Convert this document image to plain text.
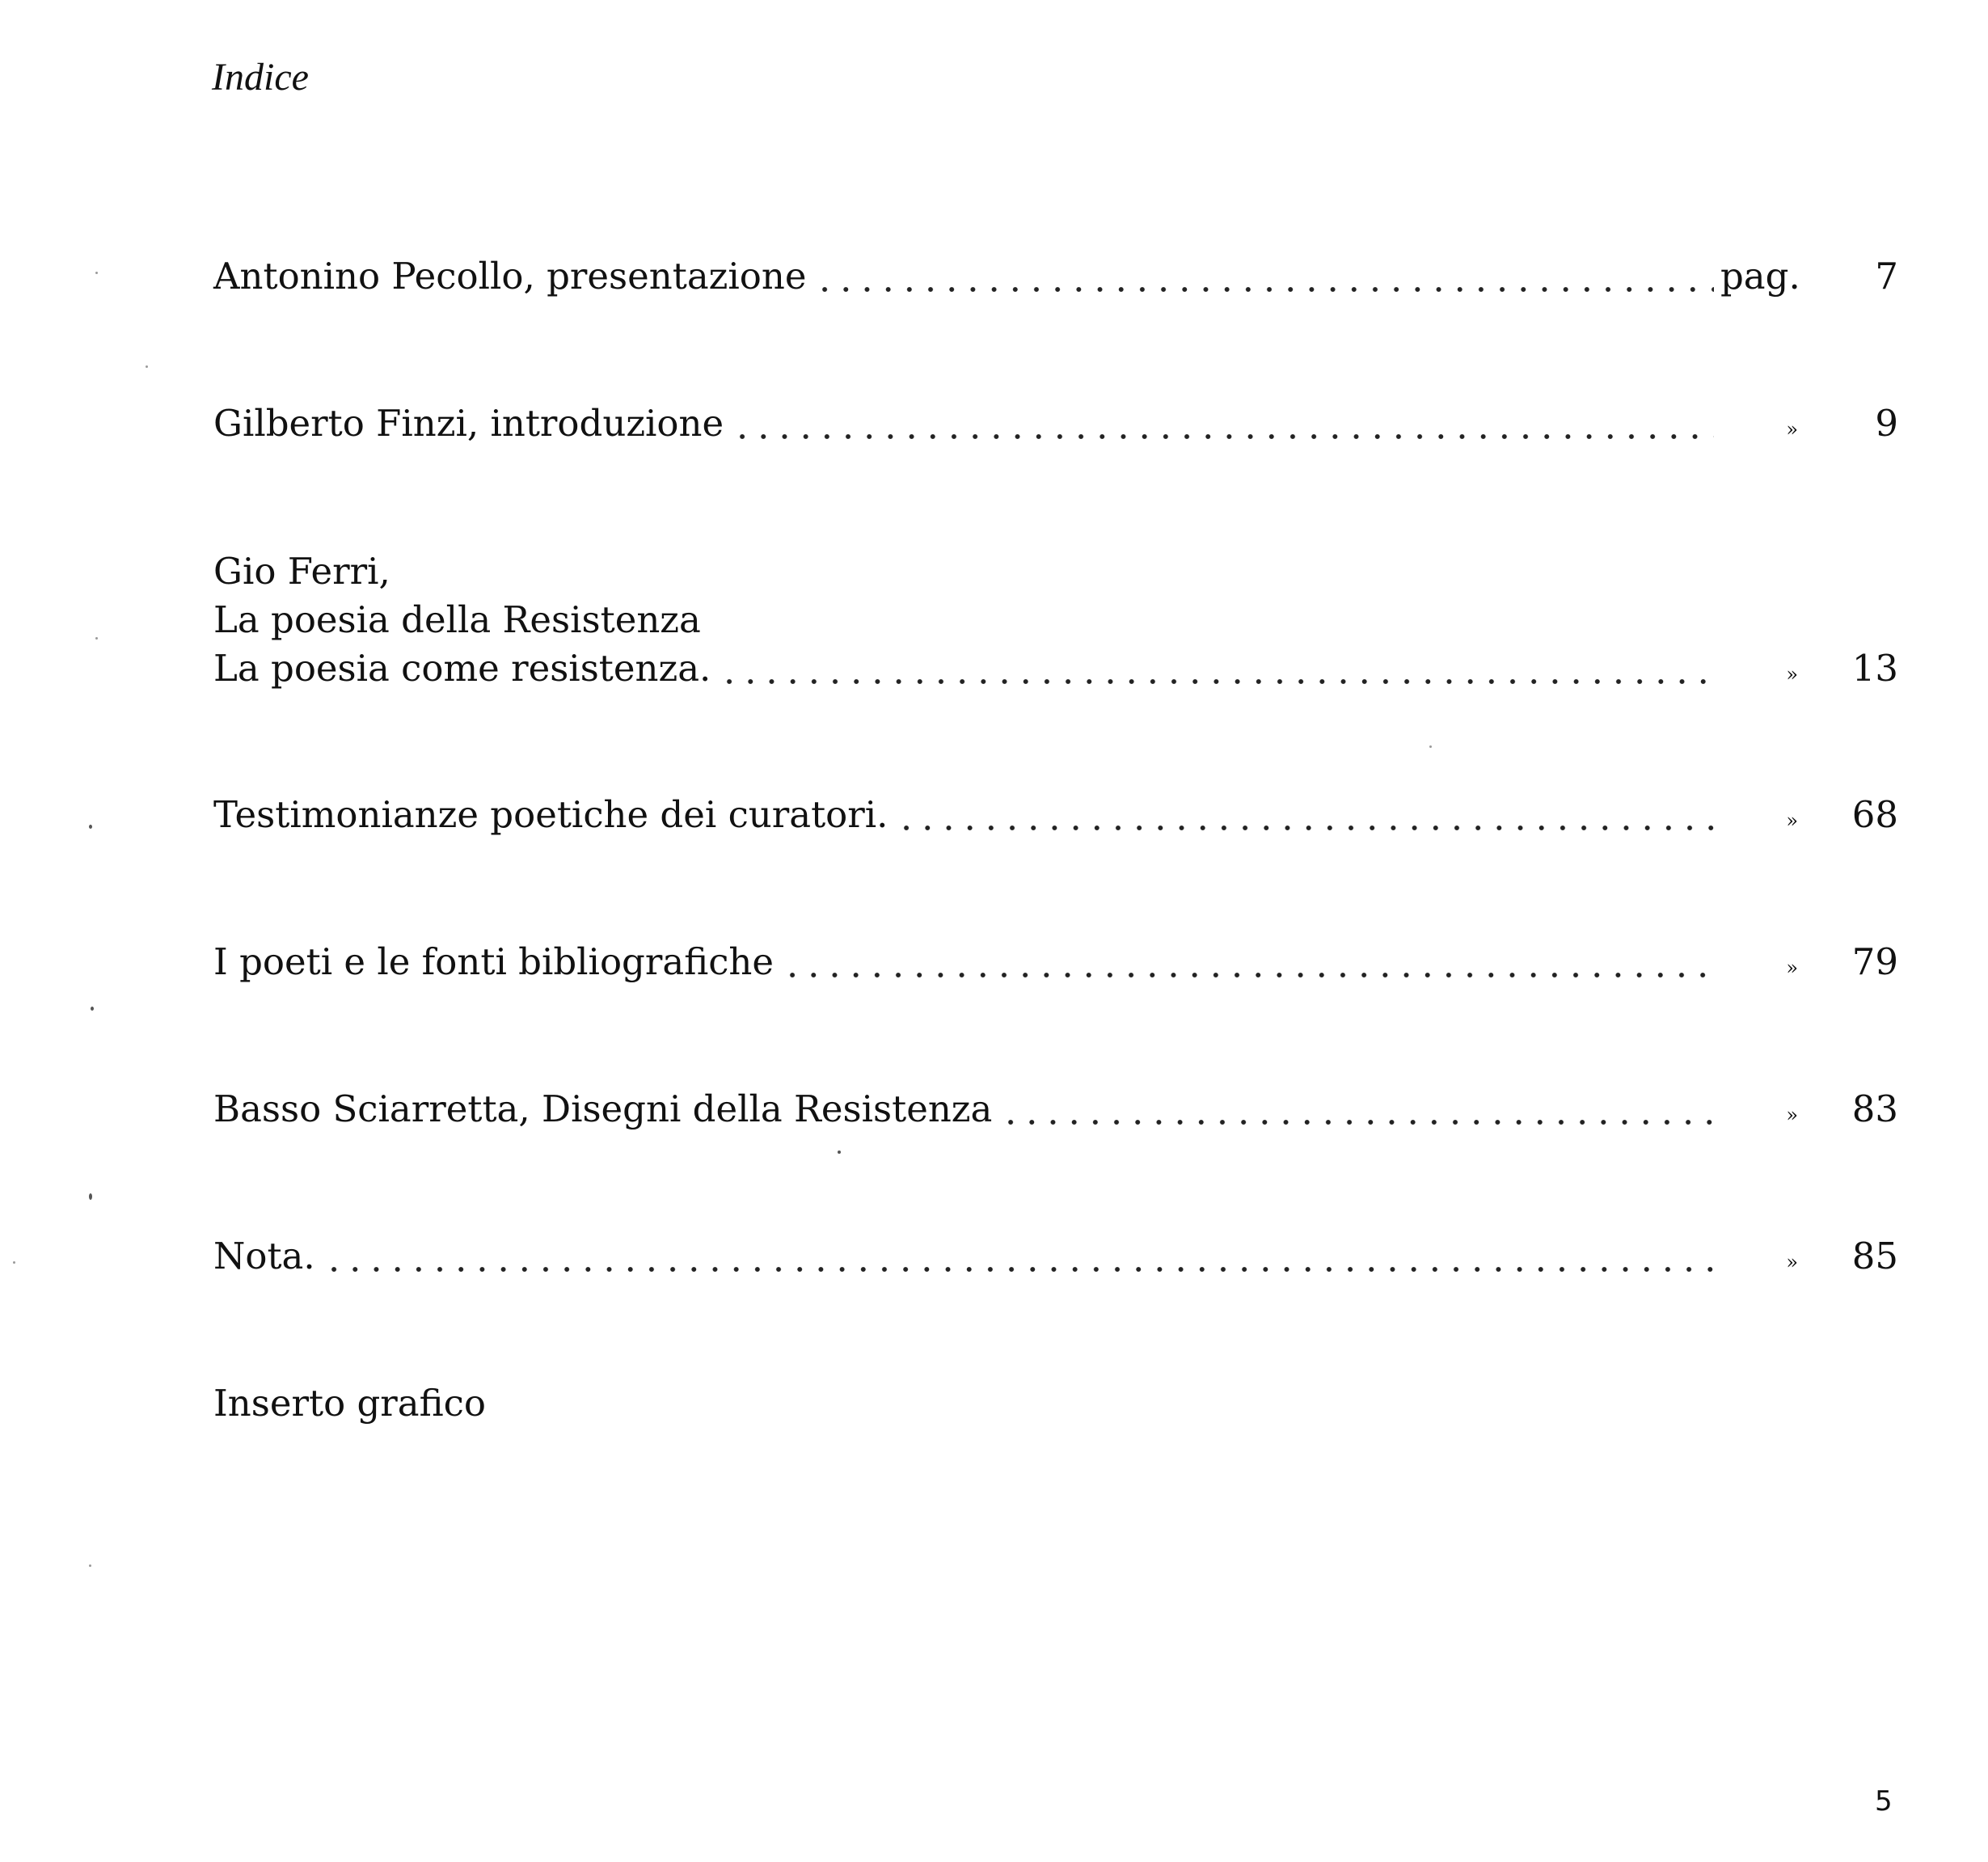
Indice
Antonino Pecollo, presentazione	pag.	7
Gilberto Finzi, introduzione	»	9
Gio Ferri,
La poesia della Resistenza
La poesia come resistenza.	»	13
Testimonianze poetiche dei curatori.	»	68
I poeti e le fonti bibliografiche	»	79
Basso Sciarretta, Disegni della Resistenza	»	83
Nota.	»	85
Inserto grafico
5
